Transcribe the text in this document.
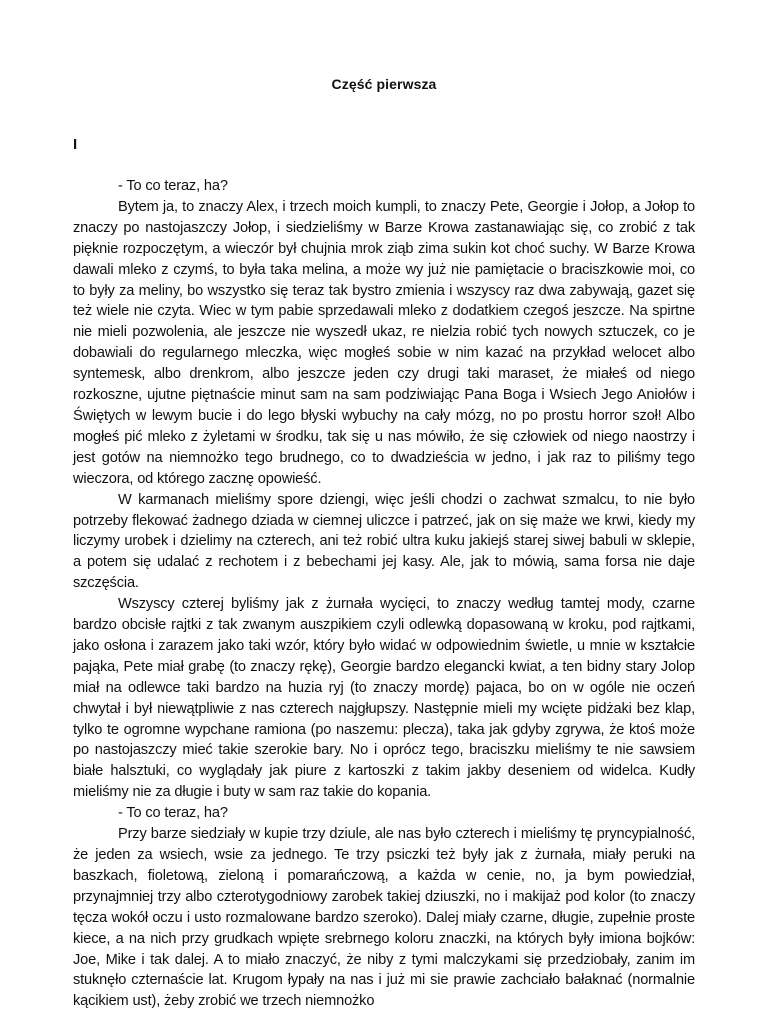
Część pierwsza
I

- To co teraz, ha?

Bytem ja, to znaczy Alex, i trzech moich kumpli, to znaczy Pete, Georgie i Jołop, a Jołop to znaczy po nastojaszczy Jołop, i siedzieliśmy w Barze Krowa zastanawiając się, co zrobić z tak pięknie rozpoczętym, a wieczór był chujnia mrok ziąb zima sukin kot choć suchy. W Barze Krowa dawali mleko z czymś, to była taka melina, a może wy już nie pamiętacie o braciszkowie moi, co to były za meliny, bo wszystko się teraz tak bystro zmienia i wszyscy raz dwa zabywają, gazet się też wiele nie czyta. Wiec w tym pabie sprzedawali mleko z dodatkiem czegoś jeszcze. Na spirtne nie mieli pozwolenia, ale jeszcze nie wyszedł ukaz, re nielzia robić tych nowych sztuczek, co je dobawiali do regularnego mleczka, więc mogłeś sobie w nim kazać na przykład welocet albo syntemesk, albo drenkrom, albo jeszcze jeden czy drugi taki maraset, że miałeś od niego rozkoszne, ujutne piętnaście minut sam na sam podziwiając Pana Boga i Wsiech Jego Aniołów i Świętych w lewym bucie i do lego błyski wybuchy na cały mózg, no po prostu horror szoł! Albo mogłeś pić mleko z żyletami w środku, tak się u nas mówiło, że się człowiek od niego naostrzy i jest gotów na niemnożko tego brudnego, co to dwadzieścia w jedno, i jak raz to piliśmy tego wieczora, od którego zacznę opowieść.

W karmanach mieliśmy spore dziengi, więc jeśli chodzi o zachwat szmalcu, to nie było potrzeby flekować żadnego dziada w ciemnej uliczce i patrzeć, jak on się maże we krwi, kiedy my liczymy urobek i dzielimy na czterech, ani też robić ultra kuku jakiejś starej siwej babuli w sklepie, a potem się udalać z rechotem i z bebechami jej kasy. Ale, jak to mówią, sama forsa nie daje szczęścia.

Wszyscy czterej byliśmy jak z żurnała wycięci, to znaczy według tamtej mody, czarne bardzo obcisłe rajtki z tak zwanym auszpikiem czyli odlewką dopasowaną w kroku, pod rajtkami, jako osłona i zarazem jako taki wzór, który było widać w odpowiednim świetle, u mnie w kształcie pająka, Pete miał grabę (to znaczy rękę), Georgie bardzo elegancki kwiat, a ten bidny stary Jolop miał na odlewce taki bardzo na huzia ryj (to znaczy mordę) pajaca, bo on w ogóle nie oczeń chwytał i był niewątpliwie z nas czterech najgłupszy. Następnie mieli my wcięte pidżaki bez klap, tylko te ogromne wypchane ramiona (po naszemu: plecza), taka jak gdyby zgrywa, że ktoś może po nastojaszczy mieć takie szerokie bary. No i oprócz tego, braciszku mieliśmy te nie sawsiem białe halsztuki, co wyglądały jak piure z kartoszki z takim jakby deseniem od widelca. Kudły mieliśmy nie za długie i buty w sam raz takie do kopania.

- To co teraz, ha?

Przy barze siedziały w kupie trzy dziule, ale nas było czterech i mieliśmy tę pryncypialność, że jeden za wsiech, wsie za jednego. Te trzy psiczki też były jak z żurnała, miały peruki na baszkach, fioletową, zieloną i pomarańczową, a każda w cenie, no, ja bym powiedział, przynajmniej trzy albo czterotygodniowy zarobek takiej dziuszki, no i makijaż pod kolor (to znaczy tęcza wokół oczu i usto rozmalowane bardzo szeroko). Dalej miały czarne, długie, zupełnie proste kiece, a na nich przy grudkach wpięte srebrnego koloru znaczki, na których były imiona bojków: Joe, Mike i tak dalej. A to miało znaczyć, że niby z tymi malczykami się przedziobały, zanim im stuknęło czternaście lat. Krugom łypały na nas i już mi sie prawie zachciało bałaknać (normalnie kącikiem ust), żeby zrobić we trzech niemnożko
